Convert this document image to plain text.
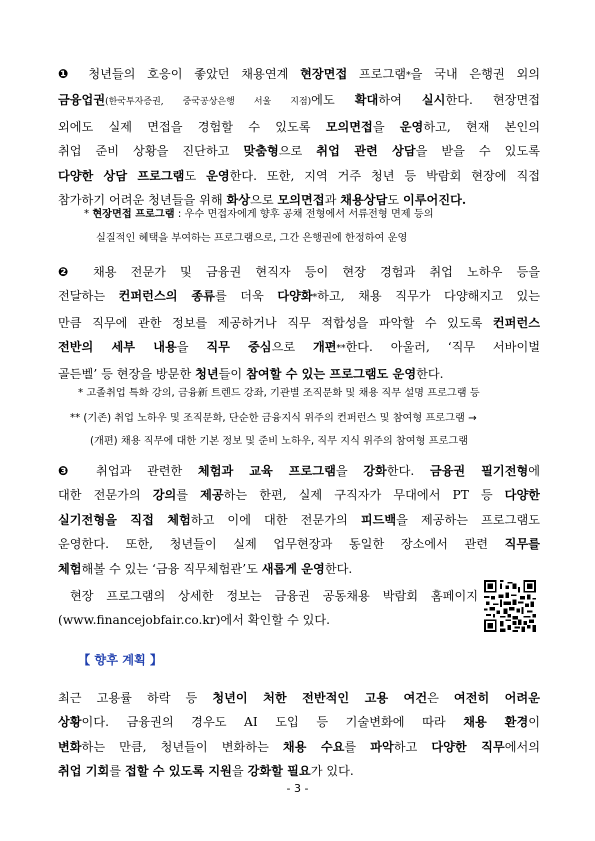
❶ 청년들의 호응이 좋았던 채용연계 현장면접 프로그램*을 국내 은행권 외의
금융업권(한국투자증권, 중국공상은행 서울 지점)에도 확대하여 실시한다. 현장면접
외에도 실제 면접을 경험할 수 있도록 모의면접을 운영하고, 현재 본인의
취업 준비 상황을 진단하고 맞춤형으로 취업 관련 상담을 받을 수 있도록
다양한 상담 프로그램도 운영한다. 또한, 지역 거주 청년 등 박람회 현장에 직접
참가하기 어려운 청년들을 위해 화상으로 모의면접과 채용상담도 이루어진다.
* 현장면접 프로그램 : 우수 면접자에게 향후 공채 전형에서 서류전형 면제 등의
실질적인 혜택을 부여하는 프로그램으로, 그간 은행권에 한정하여 운영
❷ 채용 전문가 및 금융권 현직자 등이 현장 경험과 취업 노하우 등을
전달하는 컨퍼런스의 종류를 더욱 다양화*하고, 채용 직무가 다양해지고 있는
만큼 직무에 관한 정보를 제공하거나 직무 적합성을 파악할 수 있도록 컨퍼런스
전반의 세부 내용을 직무 중심으로 개편**한다. 아울러, ‘직무 서바이벌
골든벨’ 등 현장을 방문한 청년들이 참여할 수 있는 프로그램도 운영한다.
* 고졸취업 특화 강의, 금융新 트렌드 강좌, 기관별 조직문화 및 채용 직무 설명 프로그램 등
** (기존) 취업 노하우 및 조직문화, 단순한 금융지식 위주의 컨퍼런스 및 참여형 프로그램 →
(개편) 채용 직무에 대한 기본 정보 및 준비 노하우, 직무 지식 위주의 참여형 프로그램
❸ 취업과 관련한 체험과 교육 프로그램을 강화한다. 금융권 필기전형에
대한 전문가의 강의를 제공하는 한편, 실제 구직자가 무대에서 PT 등 다양한
실기전형을 직접 체험하고 이에 대한 전문가의 피드백을 제공하는 프로그램도
운영한다. 또한, 청년들이 실제 업무현장과 동일한 장소에서 관련 직무를
체험해볼 수 있는 ‘금융 직무체험관’도 새롭게 운영한다.
현장 프로그램의 상세한 정보는 금융권 공동채용 박람회 홈페이지
(www.financejobfair.co.kr)에서 확인할 수 있다.
【 향후 계획 】
최근 고용률 하락 등 청년이 처한 전반적인 고용 여건은 여전히 어려운
상황이다. 금융권의 경우도 AI 도입 등 기술변화에 따라 채용 환경이
변화하는 만큼, 청년들이 변화하는 채용 수요를 파악하고 다양한 직무에서의
취업 기회를 접할 수 있도록 지원을 강화할 필요가 있다.
- 3 -
